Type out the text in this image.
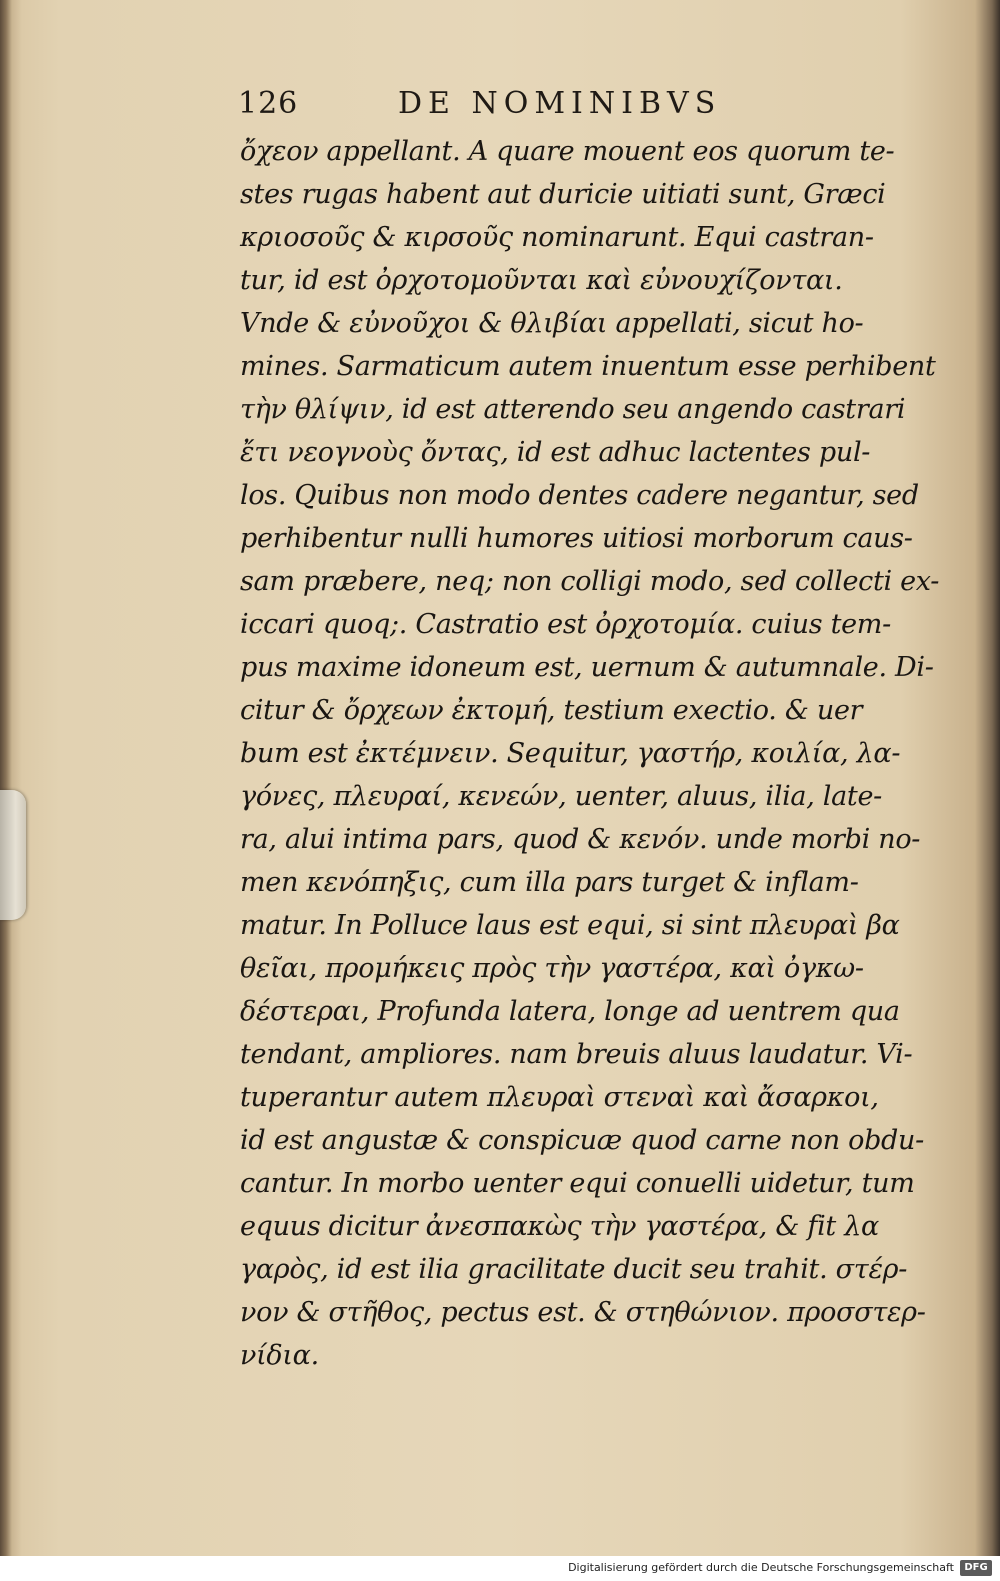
126	DE NOMINIBVS
ὄχεον appellant. A quare mouent eos quorum te-
stes rugas habent aut duricie uitiati sunt, Græci
κριοσοῦς & κιρσοῦς nominarunt. Equi castran-
tur, id est ὀρχοτομοῦνται καὶ εὐνουχίζονται.
Vnde & εὐνοῦχοι & θλιβίαι appellati, sicut ho-
mines. Sarmaticum autem inuentum esse perhibent
τὴν θλίψιν, id est atterendo seu angendo castrari
ἔτι νεογνοὺς ὄντας, id est adhuc lactentes pul-
los. Quibus non modo dentes cadere negantur, sed
perhibentur nulli humores uitiosi morborum caus-
sam præbere, neq; non colligi modo, sed collecti ex-
iccari quoq;. Castratio est ὀρχοτομία. cuius tem-
pus maxime idoneum est, uernum & autumnale. Di-
citur & ὄρχεων ἐκτομή, testium exectio. & uer
bum est ἐκτέμνειν. Sequitur, γαστήρ, κοιλία, λα-
γόνες, πλευραί, κενεών, uenter, aluus, ilia, late-
ra, alui intima pars, quod & κενόν. unde morbi no-
men κενόπηξις, cum illa pars turget & inflam-
matur. In Polluce laus est equi, si sint πλευραὶ βα
θεῖαι, προμήκεις πρὸς τὴν γαστέρα, καὶ ὀγκω-
δέστεραι, Profunda latera, longe ad uentrem qua
tendant, ampliores. nam breuis aluus laudatur. Vi-
tuperantur autem πλευραὶ στεναὶ καὶ ἄσαρκοι,
id est angustæ & conspicuæ quod carne non obdu-
cantur. In morbo uenter equi conuelli uidetur, tum
equus dicitur ἀνεσπακὼς τὴν γαστέρα, & fit λα
γαρὸς, id est ilia gracilitate ducit seu trahit. στέρ-
νον & στῆθος, pectus est. & στηθώνιον. προσστερ-
νίδια.
Digitalisierung gefördert durch die Deutsche Forschungsgemeinschaft	DFG
